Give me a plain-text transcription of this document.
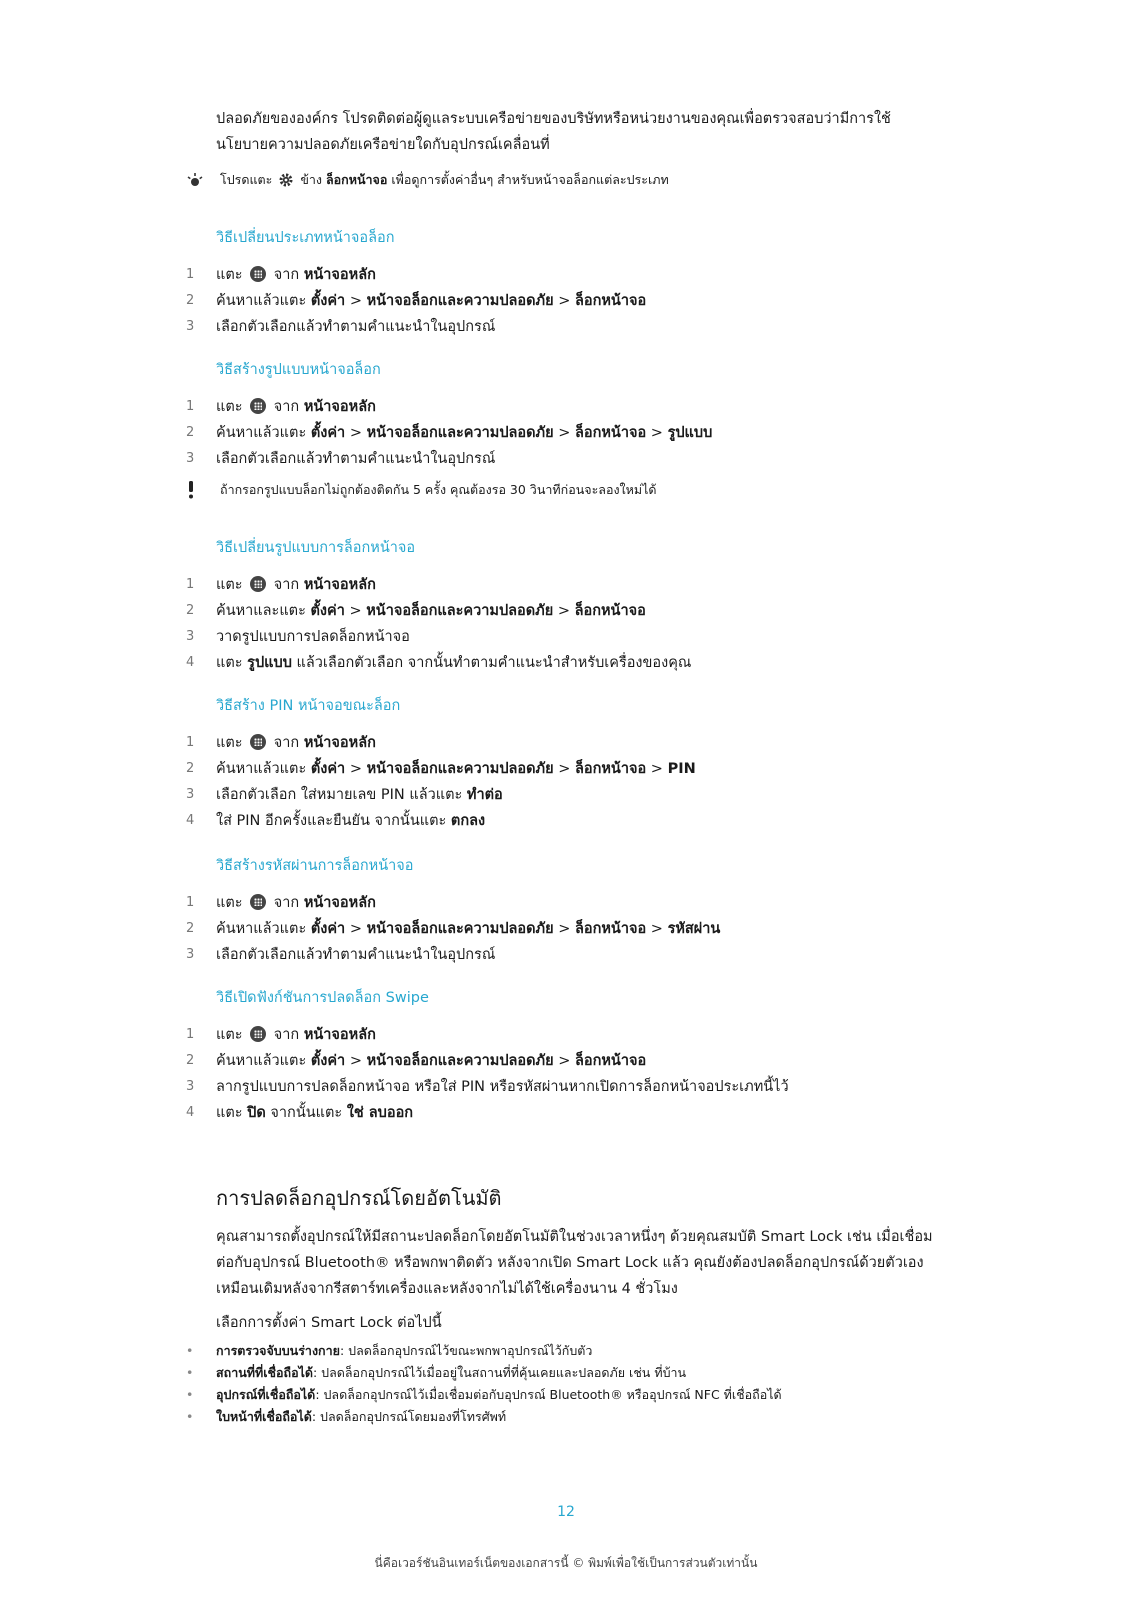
ปลอดภัยขององค์กร โปรดติดต่อผู้ดูแลระบบเครือข่ายของบริษัทหรือหน่วยงานของคุณเพื่อตรวจสอบว่ามีการใช้
นโยบายความปลอดภัยเครือข่ายใดกับอุปกรณ์เคลื่อนที่
โปรดแตะ ข้าง ล็อกหน้าจอ เพื่อดูการตั้งค่าอื่นๆ สำหรับหน้าจอล็อกแต่ละประเภท
วิธีเปลี่ยนประเภทหน้าจอล็อก
1	แตะ จาก หน้าจอหลัก
2	ค้นหาแล้วแตะ ตั้งค่า > หน้าจอล็อกและความปลอดภัย > ล็อกหน้าจอ
3	เลือกตัวเลือกแล้วทำตามคำแนะนำในอุปกรณ์
วิธีสร้างรูปแบบหน้าจอล็อก
1	แตะ จาก หน้าจอหลัก
2	ค้นหาแล้วแตะ ตั้งค่า > หน้าจอล็อกและความปลอดภัย > ล็อกหน้าจอ > รูปแบบ
3	เลือกตัวเลือกแล้วทำตามคำแนะนำในอุปกรณ์
ถ้ากรอกรูปแบบล็อกไม่ถูกต้องติดกัน 5 ครั้ง คุณต้องรอ 30 วินาทีก่อนจะลองใหม่ได้
วิธีเปลี่ยนรูปแบบการล็อกหน้าจอ
1	แตะ จาก หน้าจอหลัก
2	ค้นหาและแตะ ตั้งค่า > หน้าจอล็อกและความปลอดภัย > ล็อกหน้าจอ
3	วาดรูปแบบการปลดล็อกหน้าจอ
4	แตะ รูปแบบ แล้วเลือกตัวเลือก จากนั้นทำตามคำแนะนำสำหรับเครื่องของคุณ
วิธีสร้าง PIN หน้าจอขณะล็อก
1	แตะ จาก หน้าจอหลัก
2	ค้นหาแล้วแตะ ตั้งค่า > หน้าจอล็อกและความปลอดภัย > ล็อกหน้าจอ > PIN
3	เลือกตัวเลือก ใส่หมายเลข PIN แล้วแตะ ทำต่อ
4	ใส่ PIN อีกครั้งและยืนยัน จากนั้นแตะ ตกลง
วิธีสร้างรหัสผ่านการล็อกหน้าจอ
1	แตะ จาก หน้าจอหลัก
2	ค้นหาแล้วแตะ ตั้งค่า > หน้าจอล็อกและความปลอดภัย > ล็อกหน้าจอ > รหัสผ่าน
3	เลือกตัวเลือกแล้วทำตามคำแนะนำในอุปกรณ์
วิธีเปิดฟังก์ชันการปลดล็อก Swipe
1	แตะ จาก หน้าจอหลัก
2	ค้นหาแล้วแตะ ตั้งค่า > หน้าจอล็อกและความปลอดภัย > ล็อกหน้าจอ
3	ลากรูปแบบการปลดล็อกหน้าจอ หรือใส่ PIN หรือรหัสผ่านหากเปิดการล็อกหน้าจอประเภทนี้ไว้
4	แตะ ปิด จากนั้นแตะ ใช่ ลบออก
การปลดล็อกอุปกรณ์โดยอัตโนมัติ
คุณสามารถตั้งอุปกรณ์ให้มีสถานะปลดล็อกโดยอัตโนมัติในช่วงเวลาหนึ่งๆ ด้วยคุณสมบัติ Smart Lock เช่น เมื่อเชื่อม
ต่อกับอุปกรณ์ Bluetooth® หรือพกพาติดตัว หลังจากเปิด Smart Lock แล้ว คุณยังต้องปลดล็อกอุปกรณ์ด้วยตัวเอง
เหมือนเดิมหลังจากรีสตาร์ทเครื่องและหลังจากไม่ได้ใช้เครื่องนาน 4 ชั่วโมง
เลือกการตั้งค่า Smart Lock ต่อไปนี้
• การตรวจจับบนร่างกาย: ปลดล็อกอุปกรณ์ไว้ขณะพกพาอุปกรณ์ไว้กับตัว
• สถานที่ที่เชื่อถือได้: ปลดล็อกอุปกรณ์ไว้เมื่ออยู่ในสถานที่ที่คุ้นเคยและปลอดภัย เช่น ที่บ้าน
• อุปกรณ์ที่เชื่อถือได้: ปลดล็อกอุปกรณ์ไว้เมื่อเชื่อมต่อกับอุปกรณ์ Bluetooth® หรืออุปกรณ์ NFC ที่เชื่อถือได้
• ใบหน้าที่เชื่อถือได้: ปลดล็อกอุปกรณ์โดยมองที่โทรศัพท์
12
นี่คือเวอร์ชันอินเทอร์เน็ตของเอกสารนี้ © พิมพ์เพื่อใช้เป็นการส่วนตัวเท่านั้น
